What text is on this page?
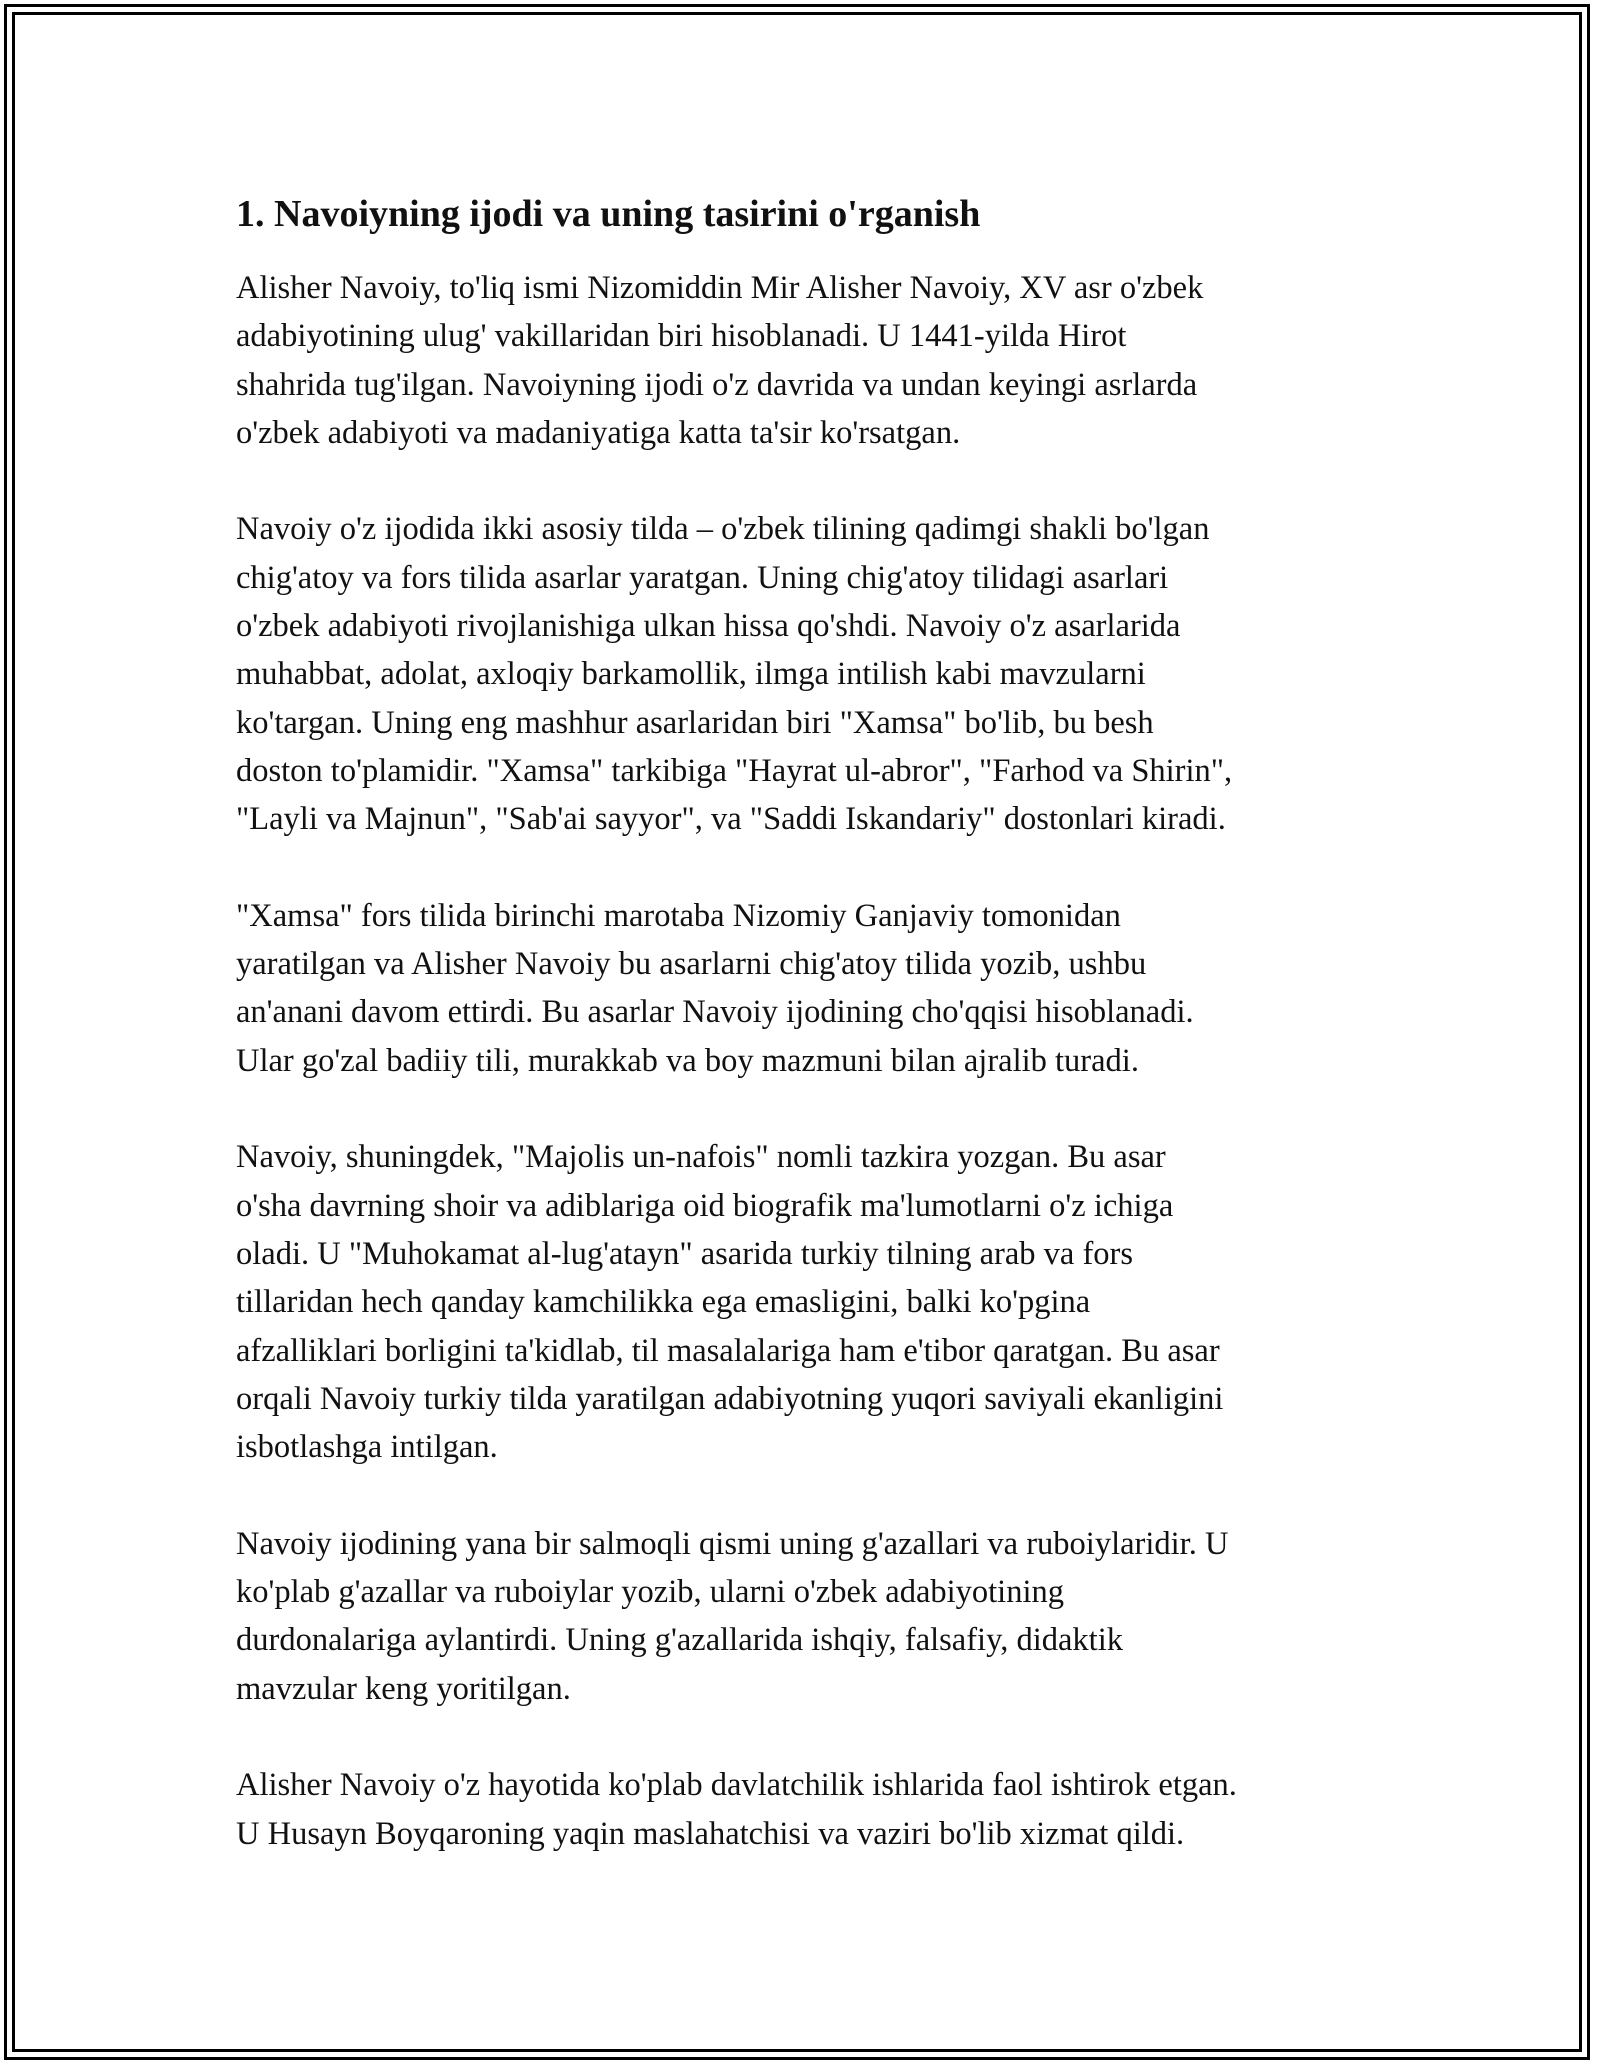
1. Navoiyning ijodi va uning tasirini o'rganish
Alisher Navoiy, to'liq ismi Nizomiddin Mir Alisher Navoiy, XV asr o'zbek
adabiyotining ulug' vakillaridan biri hisoblanadi. U 1441-yilda Hirot
shahrida tug'ilgan. Navoiyning ijodi o'z davrida va undan keyingi asrlarda
o'zbek adabiyoti va madaniyatiga katta ta'sir ko'rsatgan.
Navoiy o'z ijodida ikki asosiy tilda – o'zbek tilining qadimgi shakli bo'lgan
chig'atoy va fors tilida asarlar yaratgan. Uning chig'atoy tilidagi asarlari
o'zbek adabiyoti rivojlanishiga ulkan hissa qo'shdi. Navoiy o'z asarlarida
muhabbat, adolat, axloqiy barkamollik, ilmga intilish kabi mavzularni
ko'targan. Uning eng mashhur asarlaridan biri "Xamsa" bo'lib, bu besh
doston to'plamidir. "Xamsa" tarkibiga "Hayrat ul-abror", "Farhod va Shirin",
"Layli va Majnun", "Sab'ai sayyor", va "Saddi Iskandariy" dostonlari kiradi.
"Xamsa" fors tilida birinchi marotaba Nizomiy Ganjaviy tomonidan
yaratilgan va Alisher Navoiy bu asarlarni chig'atoy tilida yozib, ushbu
an'anani davom ettirdi. Bu asarlar Navoiy ijodining cho'qqisi hisoblanadi.
Ular go'zal badiiy tili, murakkab va boy mazmuni bilan ajralib turadi.
Navoiy, shuningdek, "Majolis un-nafois" nomli tazkira yozgan. Bu asar
o'sha davrning shoir va adiblariga oid biografik ma'lumotlarni o'z ichiga
oladi. U "Muhokamat al-lug'atayn" asarida turkiy tilning arab va fors
tillaridan hech qanday kamchilikka ega emasligini, balki ko'pgina
afzalliklari borligini ta'kidlab, til masalalariga ham e'tibor qaratgan. Bu asar
orqali Navoiy turkiy tilda yaratilgan adabiyotning yuqori saviyali ekanligini
isbotlashga intilgan.
Navoiy ijodining yana bir salmoqli qismi uning g'azallari va ruboiylaridir. U
ko'plab g'azallar va ruboiylar yozib, ularni o'zbek adabiyotining
durdonalariga aylantirdi. Uning g'azallarida ishqiy, falsafiy, didaktik
mavzular keng yoritilgan.
Alisher Navoiy o'z hayotida ko'plab davlatchilik ishlarida faol ishtirok etgan.
U Husayn Boyqaroning yaqin maslahatchisi va vaziri bo'lib xizmat qildi.
